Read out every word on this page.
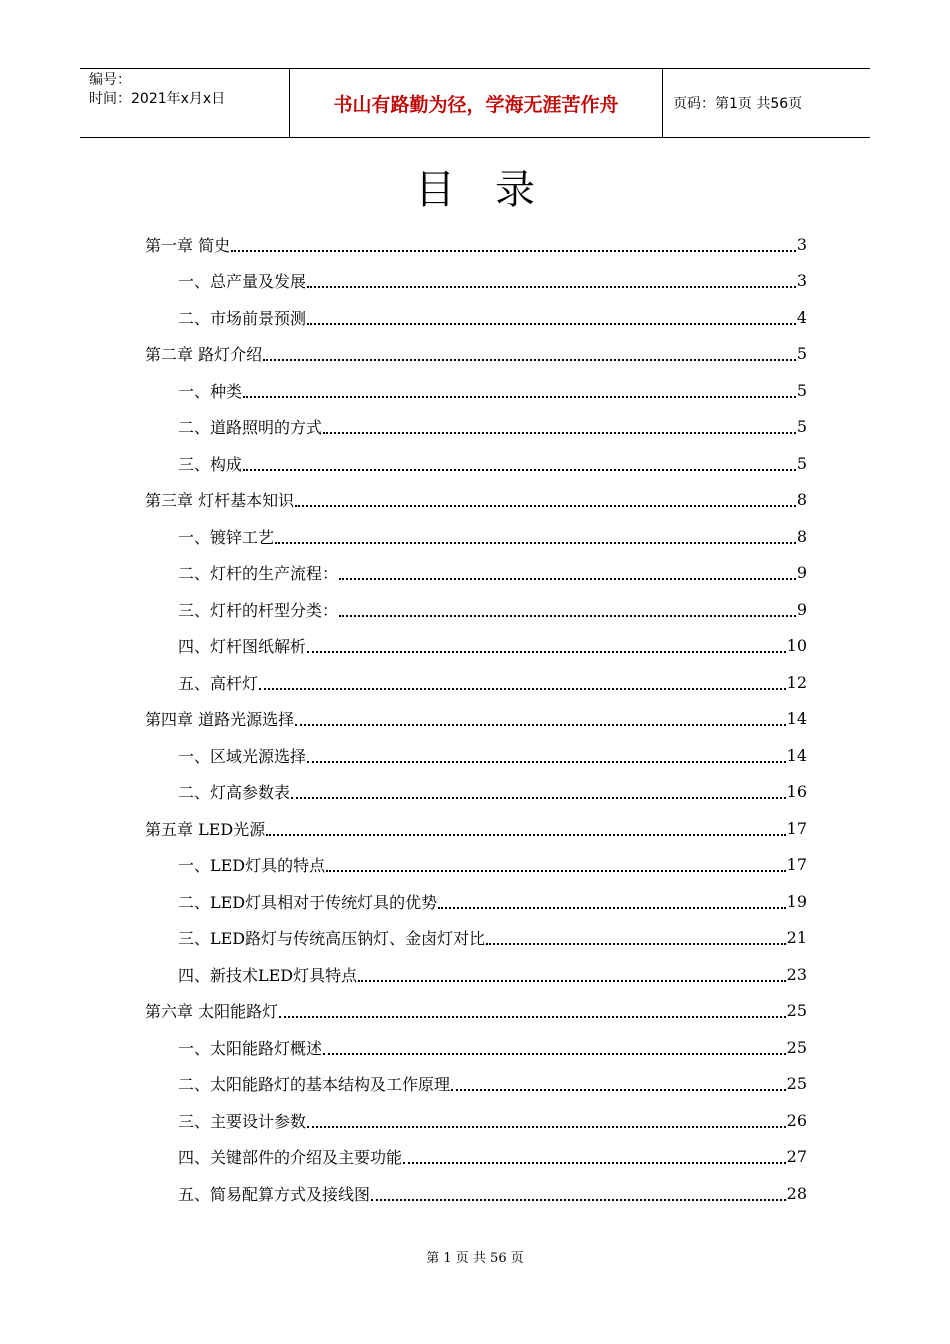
编号：
时间：2021年x月x日	书山有路勤为径，学海无涯苦作舟	页码：第1页 共56页
目录
第一章 简史	3
一、总产量及发展	3
二、市场前景预测	4
第二章 路灯介绍	5
一、种类	5
二、道路照明的方式	5
三、构成	5
第三章 灯杆基本知识	8
一、镀锌工艺	8
二、灯杆的生产流程：	9
三、灯杆的杆型分类：	9
四、灯杆图纸解析	10
五、高杆灯	12
第四章 道路光源选择	14
一、区域光源选择	14
二、灯高参数表	16
第五章 LED光源	17
一、LED灯具的特点	17
二、LED灯具相对于传统灯具的优势	19
三、LED路灯与传统高压钠灯、金卤灯对比	21
四、新技术LED灯具特点	23
第六章 太阳能路灯	25
一、太阳能路灯概述	25
二、太阳能路灯的基本结构及工作原理	25
三、主要设计参数	26
四、关键部件的介绍及主要功能	27
五、简易配算方式及接线图	28
第 1 页 共 56 页
